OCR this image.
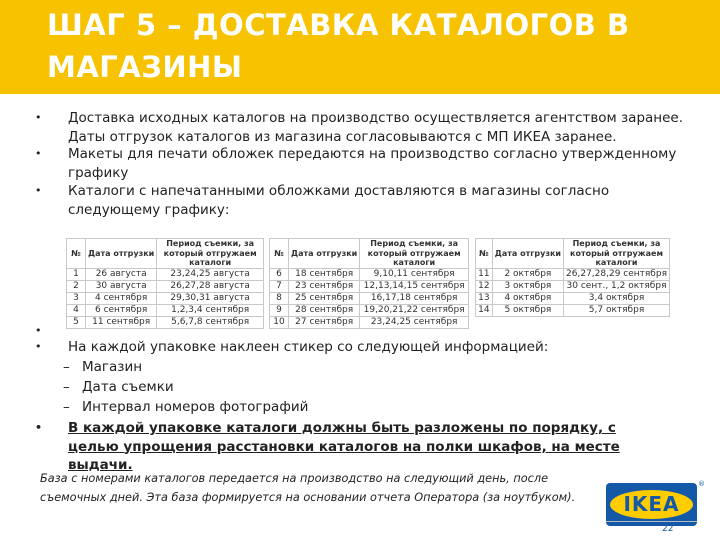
ШАГ 5 – ДОСТАВКА КАТАЛОГОВ В МАГАЗИНЫ
• Доставка исходных каталогов на производство осуществляется агентством заранее. Даты отгрузок каталогов из магазина согласовываются с МП ИКЕА заранее.
• Макеты для печати обложек передаются на производство согласно утвержденному графику
• Каталоги с напечатанными обложками доставляются в магазины согласно следующему графику:
№	Дата отгрузки	Период съемки, за который отгружаем каталоги
1	26 августа	23,24,25 августа
2	30 августа	26,27,28 августа
3	4 сентября	29,30,31 августа
4	6 сентября	1,2,3,4 сентября
5	11 сентября	5,6,7,8 сентября
№	Дата отгрузки	Период съемки, за который отгружаем каталоги
6	18 сентября	9,10,11 сентября
7	23 сентября	12,13,14,15 сентября
8	25 сентября	16,17,18 сентября
9	28 сентября	19,20,21,22 сентября
10	27 сентября	23,24,25 сентября
№	Дата отгрузки	Период съемки, за который отгружаем каталоги
11	2 октября	26,27,28,29 сентября
12	3 октября	30 сент., 1,2 октября
13	4 октября	3,4 октября
14	5 октября	5,7 октября
•
• На каждой упаковке наклеен стикер со следующей информацией:
– Магазин
– Дата съемки
– Интервал номеров фотографий
• В каждой упаковке каталоги должны быть разложены по порядку, с целью упрощения расстановки каталогов на полки шкафов, на месте выдачи.
База с номерами каталогов передается на производство на следующий день, после
съемочных дней. Эта база формируется на основании отчета Оператора (за ноутбуком).	IKEA
®
22
